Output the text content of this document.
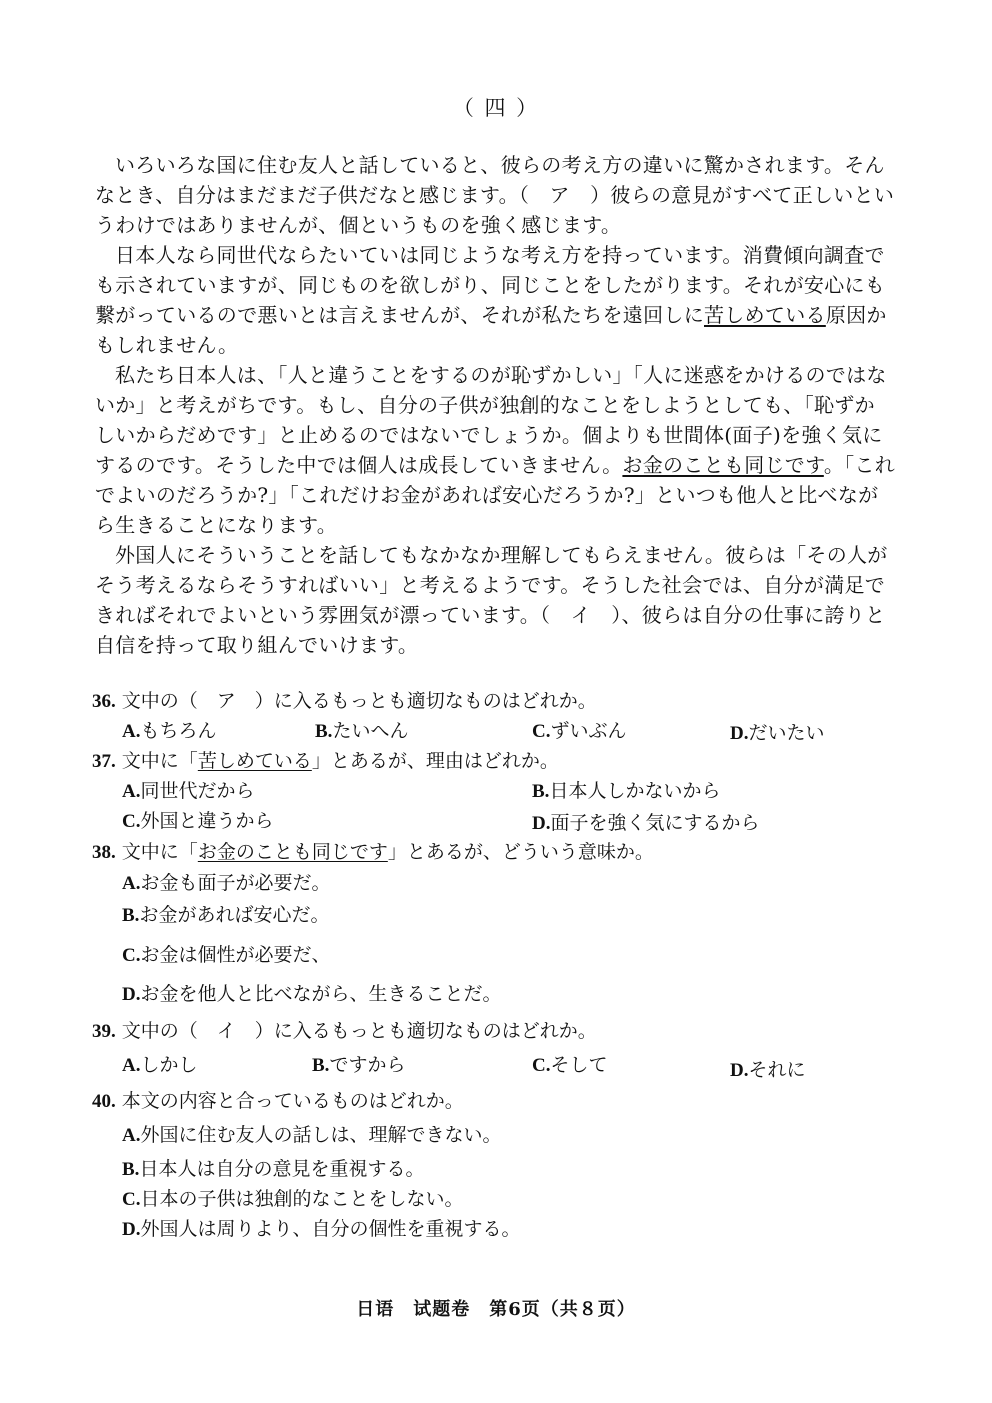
（ 四 ）

いろいろな国に住む友人と話していると、彼らの考え方の違いに驚かされます。そんなとき、自分はまだまだ子供だなと感じます。（　ア　）彼らの意見がすべて正しいというわけではありませんが、個というものを強く感じます。

日本人なら同世代ならたいていは同じような考え方を持っています。消費傾向調査でも示されていますが、同じものを欲しがり、同じことをしたがります。それが安心にも繋がっているので悪いとは言えませんが、それが私たちを遠回しに苦しめている原因かもしれません。

私たち日本人は、「人と違うことをするのが恥ずかしい」「人に迷惑をかけるのではないか」と考えがちです。もし、自分の子供が独創的なことをしようとしても、「恥ずかしいからだめです」と止めるのではないでしょうか。個よりも世間体(面子)を強く気にするのです。そうした中では個人は成長していきません。お金のことも同じです。「これでよいのだろうか?」「これだけお金があれば安心だろうか?」といつも他人と比べながら生きることになります。

外国人にそういうことを話してもなかなか理解してもらえません。彼らは「その人がそう考えるならそうすればいい」と考えるようです。そうした社会では、自分が満足できればそれでよいという雰囲気が漂っています。（　イ　）、彼らは自分の仕事に誇りと自信を持って取り組んでいけます。

36. 文中の（　ア　）に入るもっとも適切なものはどれか。
A.もちろん	B.たいへん	C.ずいぶん	D.だいたい
37. 文中に「苦しめている」とあるが、理由はどれか。
A.同世代だから	B.日本人しかないから
C.外国と違うから	D.面子を強く気にするから
38. 文中に「お金のことも同じです」とあるが、どういう意味か。
A.お金も面子が必要だ。
B.お金があれば安心だ。
C.お金は個性が必要だ、
D.お金を他人と比べながら、生きることだ。
39. 文中の（　イ　）に入るもっとも適切なものはどれか。
A.しかし	B.ですから	C.そして	D.それに
40. 本文の内容と合っているものはどれか。
A.外国に住む友人の話しは、理解できない。
B.日本人は自分の意見を重視する。
C.日本の子供は独創的なことをしない。
D.外国人は周りより、自分の個性を重視する。
日语　试题卷　第6页（共８页）
